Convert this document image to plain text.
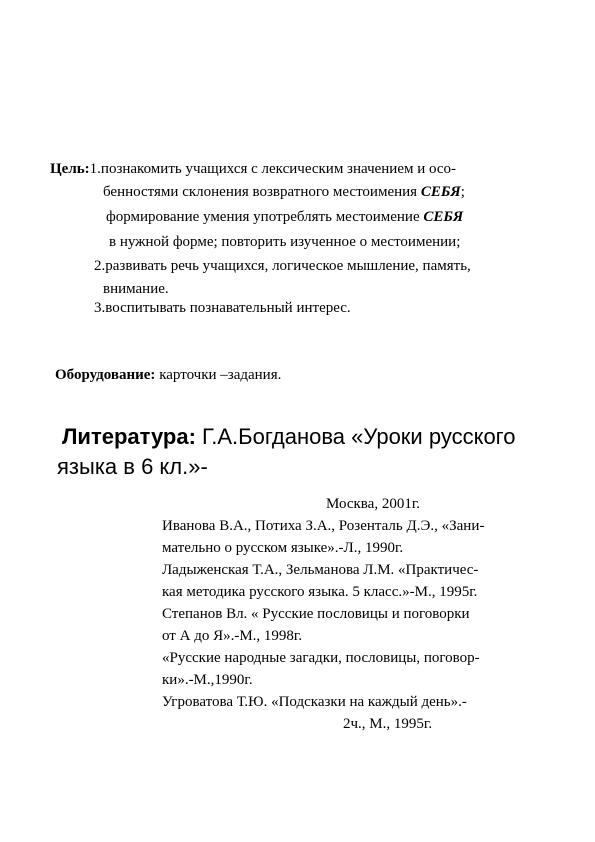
Цель:1.познакомить учащихся с лексическим значением и осо-
бенностями склонения возвратного местоимения СЕБЯ;
формирование умения употреблять местоимение СЕБЯ
в нужной форме; повторить изученное о местоимении;
2.развивать речь учащихся, логическое мышление, память,
внимание.
3.воспитывать познавательный интерес.
Оборудование: карточки –задания.
Литература: Г.А.Богданова «Уроки русского
языка в 6 кл.»-
Москва, 2001г.
Иванова В.А., Потиха З.А., Розенталь Д.Э., «Зани-
мательно о русском языке».-Л., 1990г.
Ладыженская Т.А., Зельманова Л.М. «Практичес-
кая методика русского языка. 5 класс.»-М., 1995г.
Степанов Вл. « Русские пословицы и поговорки
от А до Я».-М., 1998г.
«Русские народные загадки, пословицы, поговор-
ки».-М.,1990г.
Угроватова Т.Ю. «Подсказки на каждый день».-
2ч., М., 1995г.
